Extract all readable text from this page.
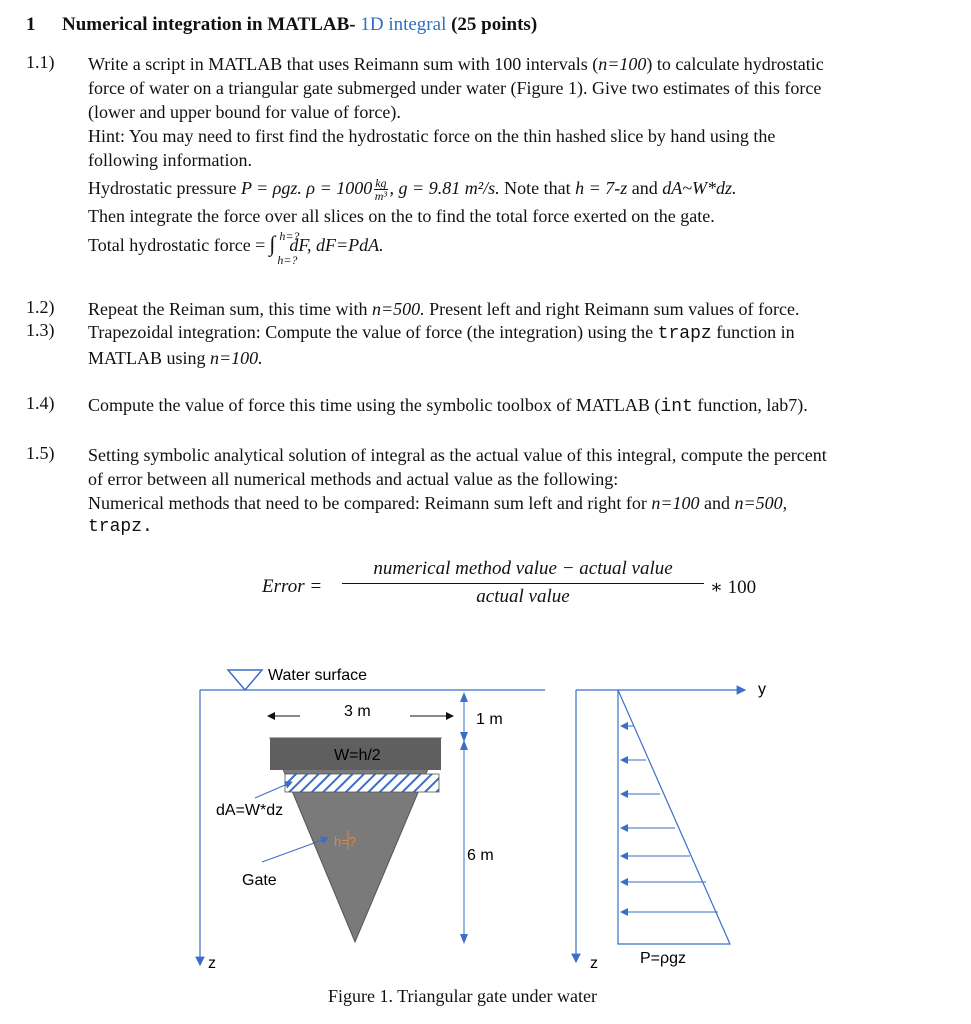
1 Numerical integration in MATLAB- 1D integral (25 points)
1.1) Write a script in MATLAB that uses Reimann sum with 100 intervals (n=100) to calculate hydrostatic
force of water on a triangular gate submerged under water (Figure 1). Give two estimates of this force
(lower and upper bound for value of force).
Hint: You may need to first find the hydrostatic force on the thin hashed slice by hand using the
following information.
Hydrostatic pressure P = ρgz. $\rho = 1000 \frac{kg}{\text{m³}}$ , g = 9.81 m²/s. Note that h = 7-z and dA~W*dz.
Then integrate the force over all slices on the to find the total force exerted on the gate.
Total hydrostatic force = ∫ h=?
h=?
dF, dF=PdA.
1.2) Repeat the Reiman sum, this time with n=500. Present left and right Reimann sum values of force.
1.3) Trapezoidal integration: Compute the value of force (the integration) using the trapz function in
MATLAB using n=100.
1.4) Compute the value of force this time using the symbolic toolbox of MATLAB (int function, lab7).
1.5) Setting symbolic analytical solution of integral as the actual value of this integral, compute the percent
of error between all numerical methods and actual value as the following:
Numerical methods that need to be compared: Reimann sum left and right for n=100 and n=500,
trapz.
Error =
numerical method value − actual value
actual value	∗ 100
Water surface
3 m
W=h/2
h=?
dA=W*dz
Gate
1 m
6 m
z
y
z	P=ρgz
Figure 1. Triangular gate under water
